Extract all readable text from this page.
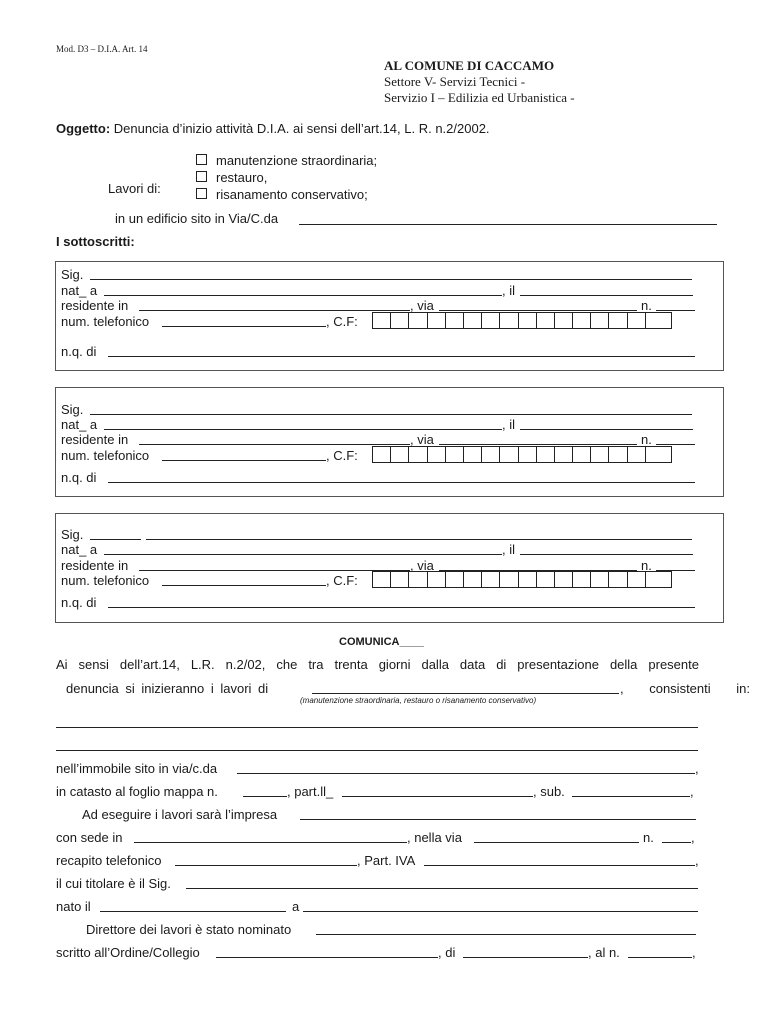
Mod. D3 – D.I.A. Art. 14
AL COMUNE DI CACCAMO
Settore V- Servizi Tecnici -
Servizio I – Edilizia ed Urbanistica -
Oggetto: Denuncia d’inizio attività D.I.A. ai sensi dell’art.14, L. R. n.2/2002.
Lavori di:
manutenzione straordinaria;
restauro,
risanamento conservativo;
in un edificio sito in Via/C.da
I sottoscritti:
Sig.
nat_ a	, il
residente in	, via	n.
num. telefonico	, C.F:
n.q. di
Sig.
nat_ a	, il
residente in	, via	n.
num. telefonico	, C.F:
n.q. di
Sig.
nat_ a	, il
residente in	, via	n.
num. telefonico	, C.F:
n.q. di
COMUNICA____
Ai sensi dell’art.14, L.R. n.2/02, che tra trenta giorni dalla data di presentazione della presente
denuncia si inizieranno i lavori di	, consistenti in:
(manutenzione straordinaria, restauro o risanamento conservativo)
nell’immobile sito in via/c.da	,
in catasto al foglio mappa n.	, part.ll_	, sub.	,
Ad eseguire i lavori sarà l’impresa
con sede in	, nella via	n.	,
recapito telefonico	, Part. IVA	,
il cui titolare è il Sig.
nato il	a
Direttore dei lavori è stato nominato
scritto all’Ordine/Collegio	, di	, al n.	,
